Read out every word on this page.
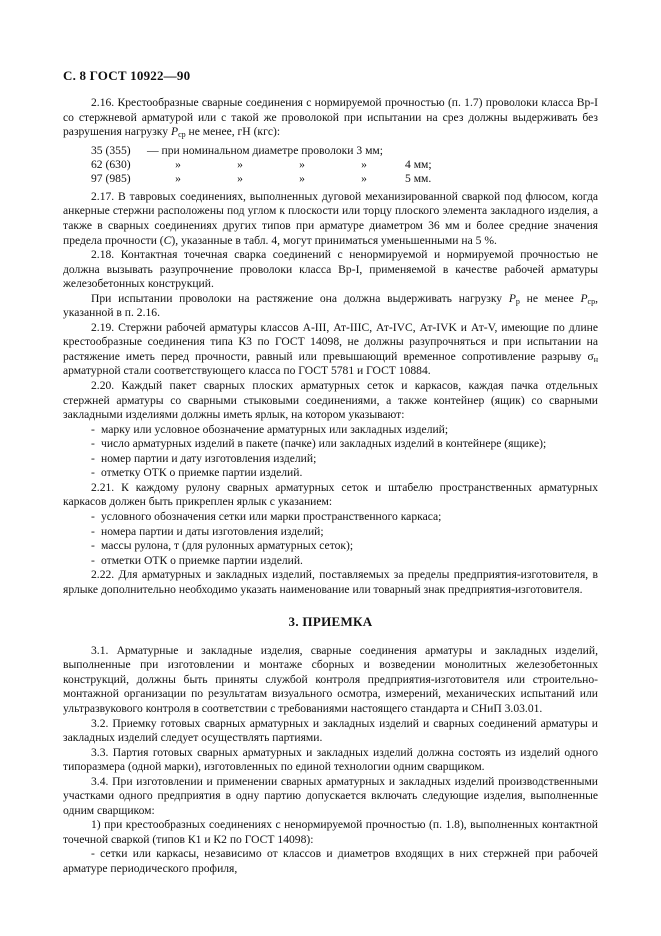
С. 8 ГОСТ 10922—90

2.16. Крестообразные сварные соединения с нормируемой прочностью (п. 1.7) проволоки класса Вр-I со стержневой арматурой или с такой же проволокой при испытании на срез должны выдерживать без разрушения нагрузку $P_{ср}$ не менее, гН (кгс):

35 (355)	— при номинальном диаметре проволоки 3 мм;				
62 (630)	»	»	»	»	4 мм;
97 (985)	»	»	»	»	5 мм.

2.17. В тавровых соединениях, выполненных дуговой механизированной сваркой под флюсом, когда анкерные стержни расположены под углом к плоскости или торцу плоского элемента закладного изделия, а также в сварных соединениях других типов при арматуре диаметром 36 мм и более средние значения предела прочности (C), указанные в табл. 4, могут приниматься уменьшенными на 5 %.

2.18. Контактная точечная сварка соединений с ненормируемой и нормируемой прочностью не должна вызывать разупрочнение проволоки класса Вр-I, применяемой в качестве рабочей арматуры железобетонных конструкций.

При испытании проволоки на растяжение она должна выдерживать нагрузку $P_р$ не менее $P_{ср}$, указанной в п. 2.16.

2.19. Стержни рабочей арматуры классов А-III, Ат-IIIС, Ат-IVC, Ат-IVK и Ат-V, имеющие по длине крестообразные соединения типа К3 по ГОСТ 14098, не должны разупрочняться и при испытании на растяжение иметь перед прочности, равный или превышающий временное сопротивление разрыву $\sigma_н$ арматурной стали соответствующего класса по ГОСТ 5781 и ГОСТ 10884.

2.20. Каждый пакет сварных плоских арматурных сеток и каркасов, каждая пачка отдельных стержней арматуры со сварными стыковыми соединениями, а также контейнер (ящик) со сварными закладными изделиями должны иметь ярлык, на котором указывают:

- марку или условное обозначение арматурных или закладных изделий;
- число арматурных изделий в пакете (пачке) или закладных изделий в контейнере (ящике);
- номер партии и дату изготовления изделий;
- отметку ОТК о приемке партии изделий.

2.21. К каждому рулону сварных арматурных сеток и штабелю пространственных арматурных каркасов должен быть прикреплен ярлык с указанием:

- условного обозначения сетки или марки пространственного каркаса;
- номера партии и даты изготовления изделий;
- массы рулона, т (для рулонных арматурных сеток);
- отметки ОТК о приемке партии изделий.

2.22. Для арматурных и закладных изделий, поставляемых за пределы предприятия-изготовителя, в ярлыке дополнительно необходимо указать наименование или товарный знак предприятия-изготовителя.

3. ПРИЕМКА

3.1. Арматурные и закладные изделия, сварные соединения арматуры и закладных изделий, выполненные при изготовлении и монтаже сборных и возведении монолитных железобетонных конструкций, должны быть приняты службой контроля предприятия-изготовителя или строительно-монтажной организации по результатам визуального осмотра, измерений, механических испытаний или ультразвукового контроля в соответствии с требованиями настоящего стандарта и СНиП 3.03.01.

3.2. Приемку готовых сварных арматурных и закладных изделий и сварных соединений арматуры и закладных изделий следует осуществлять партиями.

3.3. Партия готовых сварных арматурных и закладных изделий должна состоять из изделий одного типоразмера (одной марки), изготовленных по единой технологии одним сварщиком.

3.4. При изготовлении и применении сварных арматурных и закладных изделий производственными участками одного предприятия в одну партию допускается включать следующие изделия, выполненные одним сварщиком:

1) при крестообразных соединениях с ненормируемой прочностью (п. 1.8), выполненных контактной точечной сваркой (типов К1 и К2 по ГОСТ 14098):

- сетки или каркасы, независимо от классов и диаметров входящих в них стержней при рабочей арматуре периодического профиля,
